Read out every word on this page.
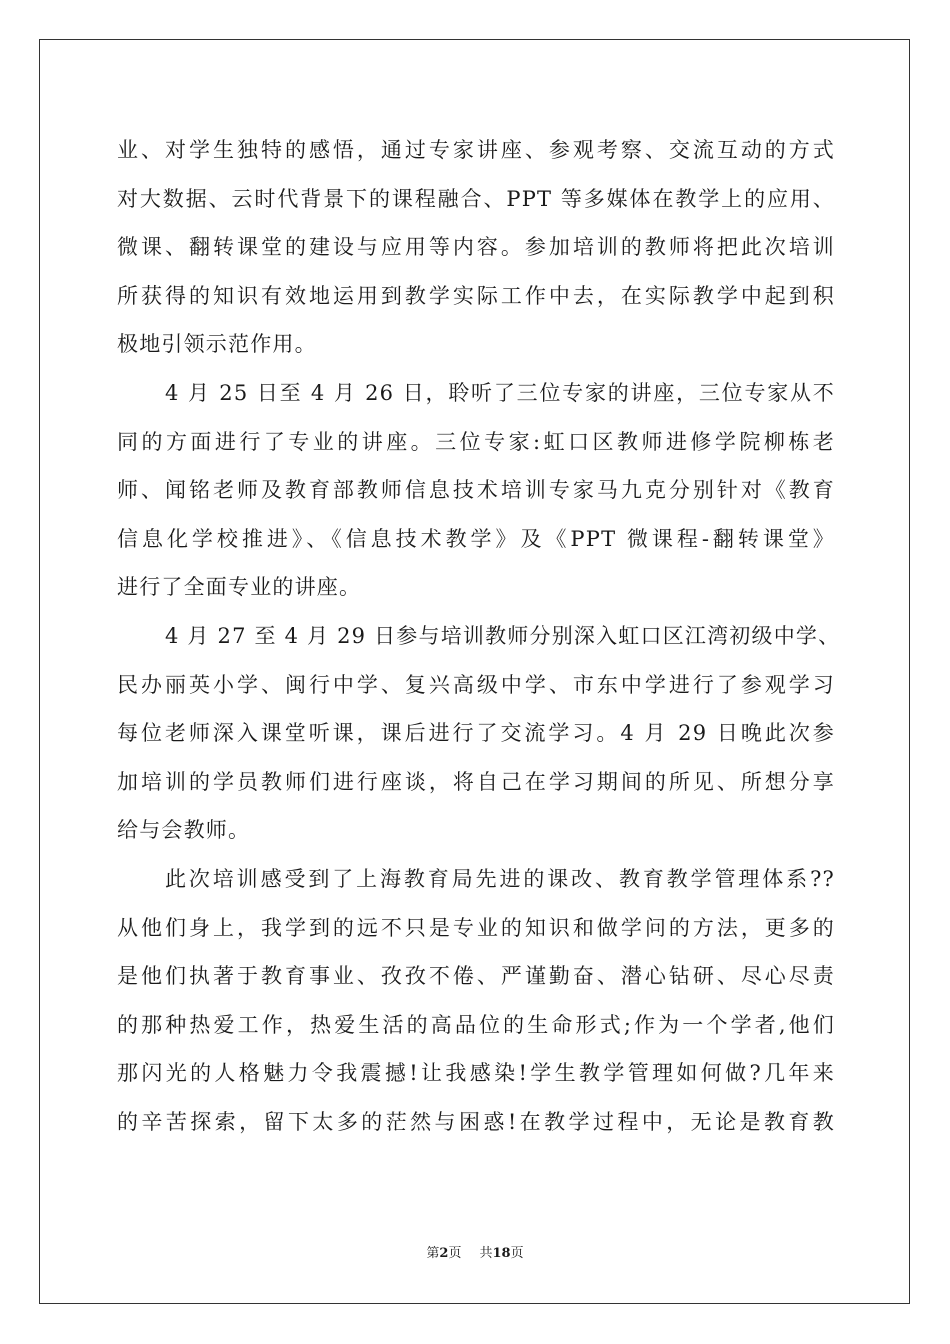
业、对学生独特的感悟，通过专家讲座、参观考察、交流互动的方式
对大数据、云时代背景下的课程融合、PPT 等多媒体在教学上的应用、
微课、翻转课堂的建设与应用等内容。参加培训的教师将把此次培训
所获得的知识有效地运用到教学实际工作中去，在实际教学中起到积
极地引领示范作用。
4 月 25 日至 4 月 26 日，聆听了三位专家的讲座，三位专家从不
同的方面进行了专业的讲座。三位专家:虹口区教师进修学院柳栋老
师、闻铭老师及教育部教师信息技术培训专家马九克分别针对《教育
信息化学校推进》、《信息技术教学》及《PPT 微课程-翻转课堂》
进行了全面专业的讲座。
4 月 27 至 4 月 29 日参与培训教师分别深入虹口区江湾初级中学、
民办丽英小学、闽行中学、复兴高级中学、市东中学进行了参观学习
每位老师深入课堂听课，课后进行了交流学习。4 月 29 日晚此次参
加培训的学员教师们进行座谈，将自己在学习期间的所见、所想分享
给与会教师。
此次培训感受到了上海教育局先进的课改、教育教学管理体系??
从他们身上，我学到的远不只是专业的知识和做学问的方法，更多的
是他们执著于教育事业、孜孜不倦、严谨勤奋、潜心钻研、尽心尽责
的那种热爱工作，热爱生活的高品位的生命形式;作为一个学者,他们
那闪光的人格魅力令我震撼!让我感染!学生教学管理如何做?几年来
的辛苦探索，留下太多的茫然与困惑!在教学过程中，无论是教育教
第2页 共18页
